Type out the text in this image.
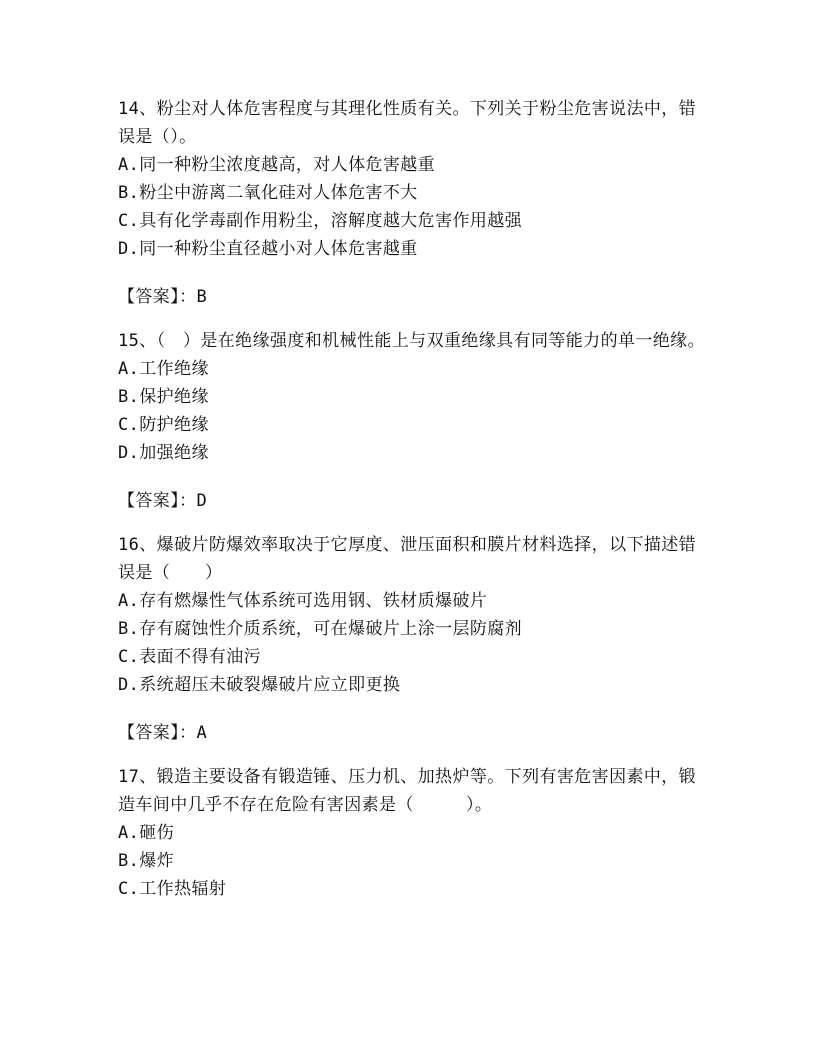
14、粉尘对人体危害程度与其理化性质有关。下列关于粉尘危害说法中，错误是（）。

A.同一种粉尘浓度越高，对人体危害越重

B.粉尘中游离二氧化硅对人体危害不大

C.具有化学毒副作用粉尘，溶解度越大危害作用越强

D.同一种粉尘直径越小对人体危害越重

【答案】：B

15、（　）是在绝缘强度和机械性能上与双重绝缘具有同等能力的单一绝缘。

A.工作绝缘

B.保护绝缘

C.防护绝缘

D.加强绝缘

【答案】：D

16、爆破片防爆效率取决于它厚度、泄压面积和膜片材料选择，以下描述错误是（　　）

A.存有燃爆性气体系统可选用钢、铁材质爆破片

B.存有腐蚀性介质系统，可在爆破片上涂一层防腐剂

C.表面不得有油污

D.系统超压未破裂爆破片应立即更换

【答案】：A

17、锻造主要设备有锻造锤、压力机、加热炉等。下列有害危害因素中，锻造车间中几乎不存在危险有害因素是（　　　）。

A.砸伤

B.爆炸

C.工作热辐射
